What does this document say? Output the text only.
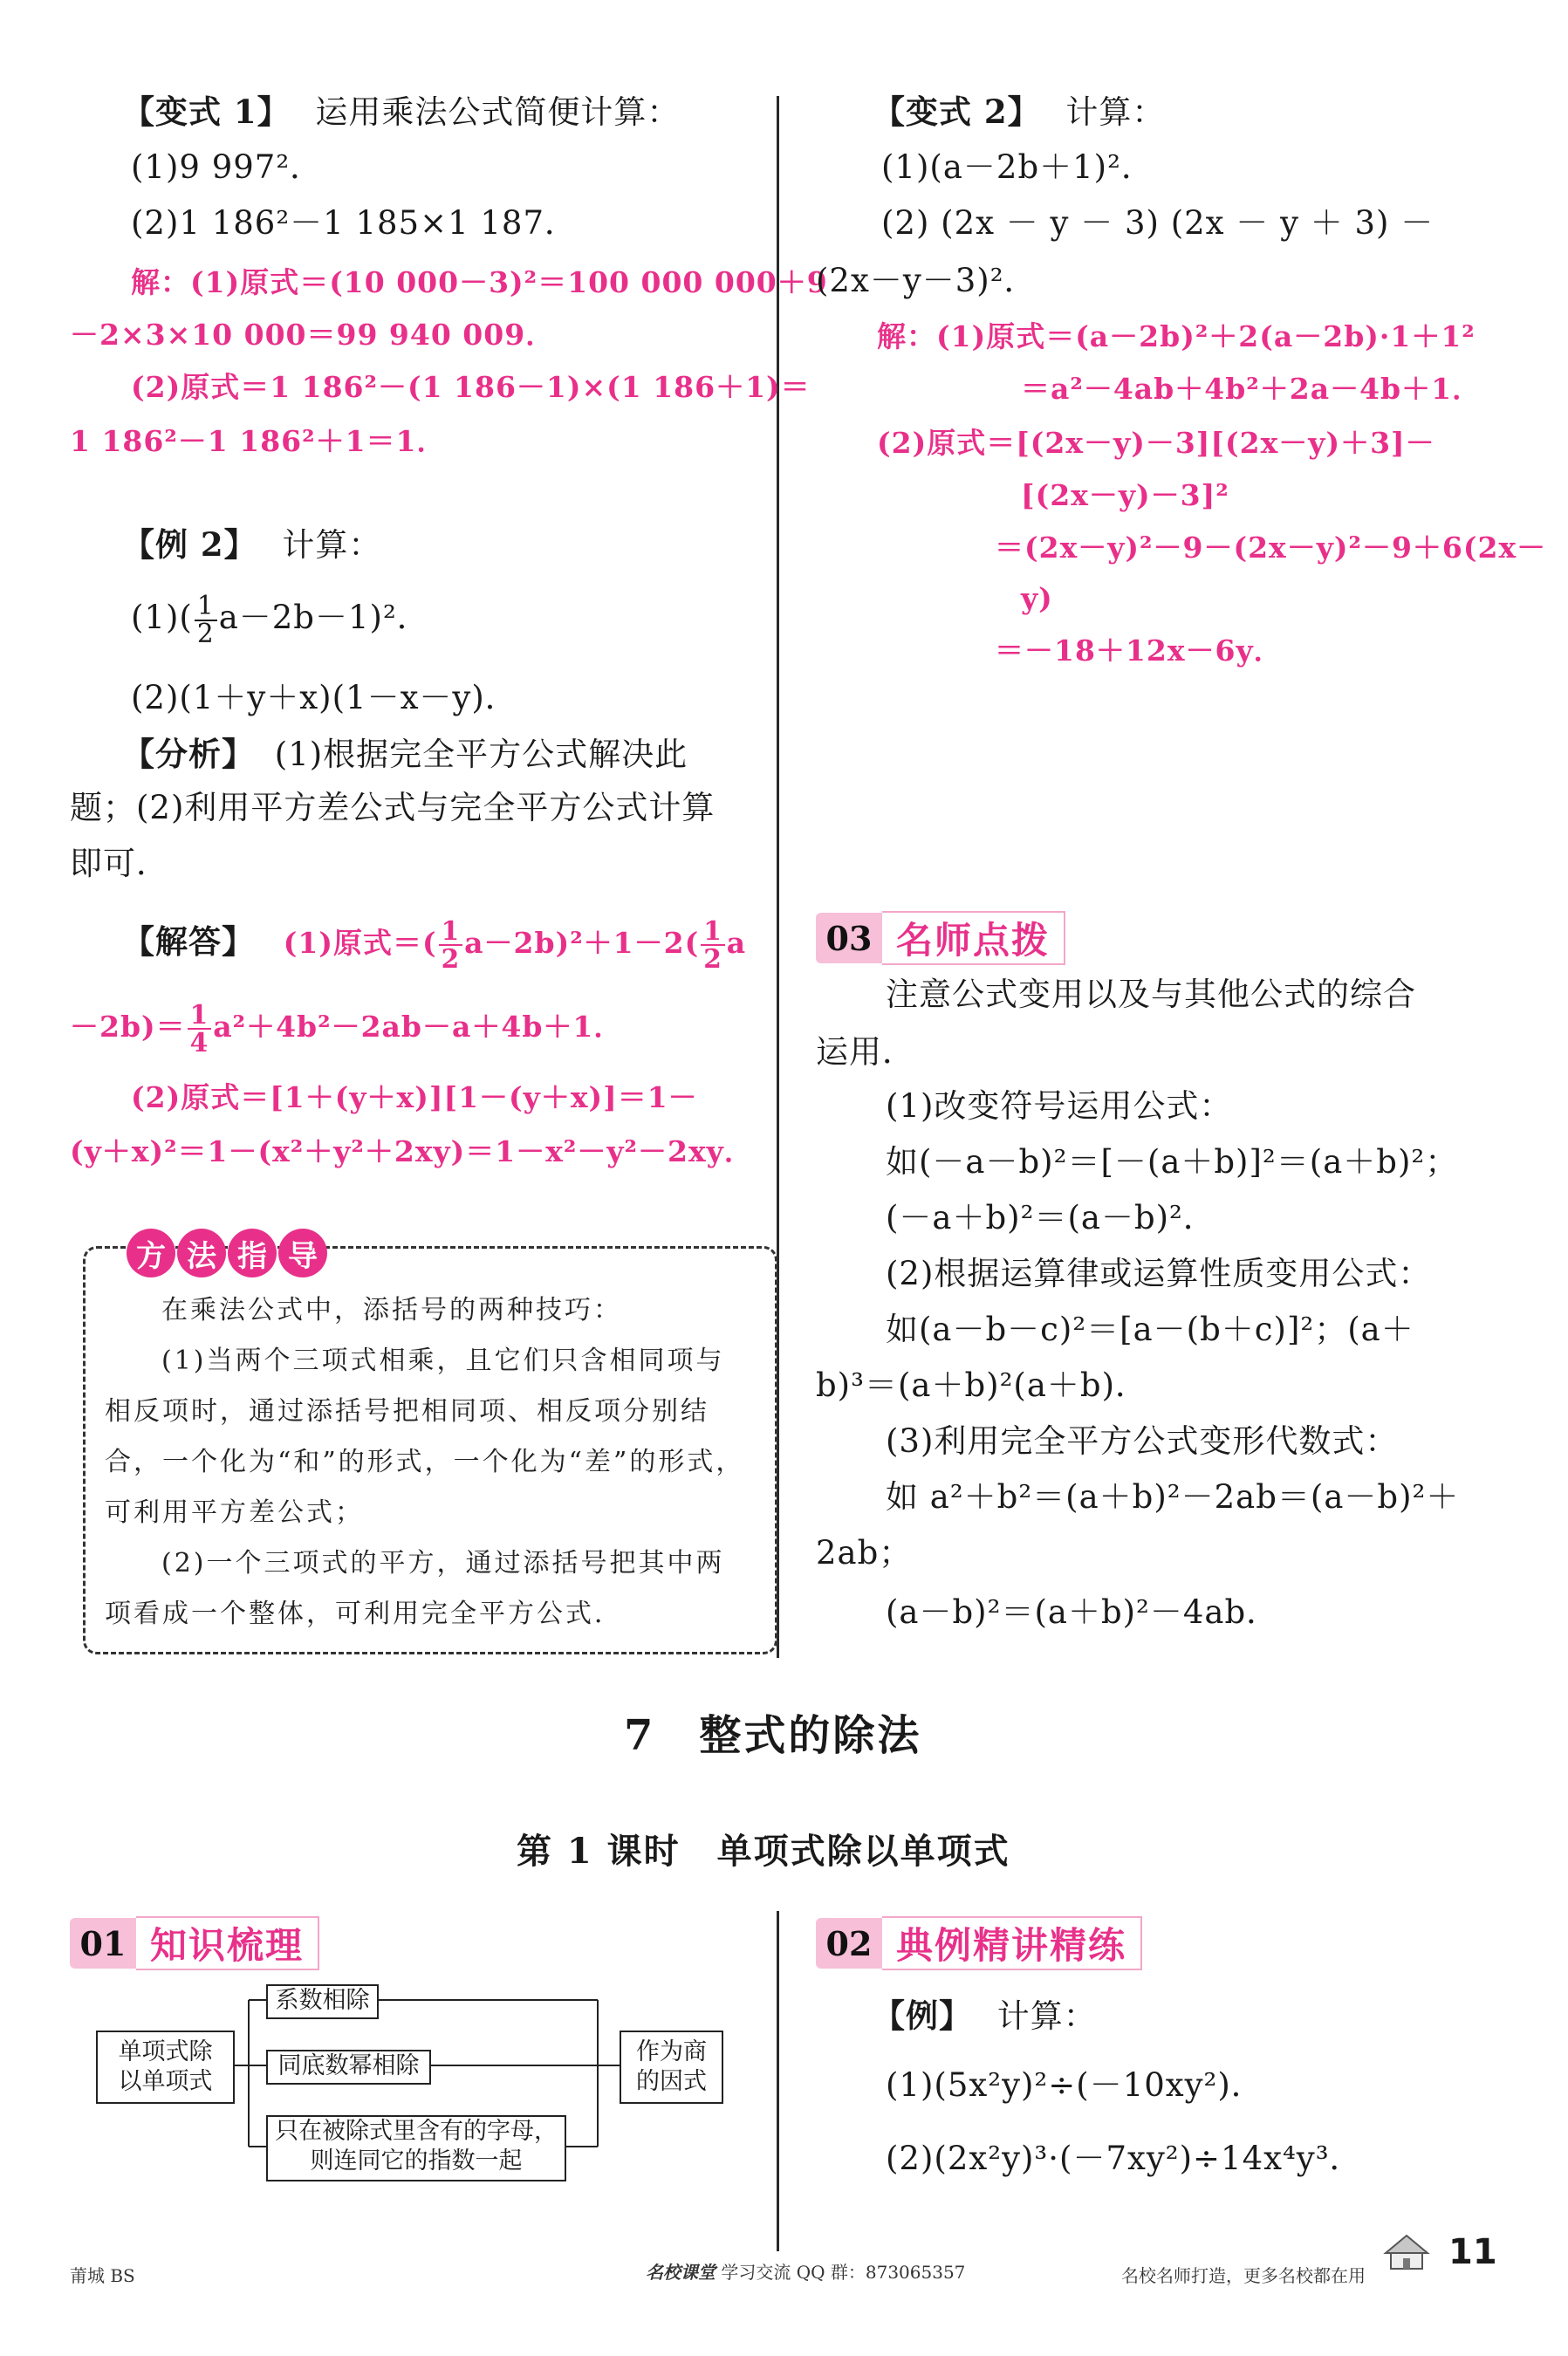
【变式 1】 运用乘法公式简便计算：
(1)9 997²．
(2)1 186²－1 185×1 187．
解：(1)原式＝(10 000－3)²＝100 000 000＋9
－2×3×10 000＝99 940 009．
(2)原式＝1 186²－(1 186－1)×(1 186＋1)＝
1 186²－1 186²＋1＝1．
【例 2】 计算：
$(1)( \frac{1}{2} a-2b-1)^2$．
(2)(1＋y＋x)(1－x－y)．
【分析】 (1)根据完全平方公式解决此
题；(2)利用平方差公式与完全平方公式计算
即可．
【解答】 (1)原式＝( $\frac{1}{2} a-2b)^2+1-2( \frac{1}{2}$ a
$-2b)= \frac{1}{4} a^2+4b^2-2ab-a+4b+1$．
(2)原式＝[1＋(y＋x)][1－(y＋x)]＝1－
(y＋x)²＝1－(x²＋y²＋2xy)＝1－x²－y²－2xy．
方 法 指 导
在乘法公式中，添括号的两种技巧：
(1)当两个三项式相乘，且它们只含相同项与
相反项时，通过添括号把相同项、相反项分别结
合，一个化为“和”的形式，一个化为“差”的形式，
可利用平方差公式；
(2)一个三项式的平方，通过添括号把其中两
项看成一个整体，可利用完全平方公式．
【变式 2】 计算：
(1)(a－2b＋1)²．
(2) (2x － y － 3) (2x － y ＋ 3) －
(2x－y－3)²．
解：(1)原式＝(a－2b)²＋2(a－2b)·1＋1²
＝a²－4ab＋4b²＋2a－4b＋1．
(2)原式＝[(2x－y)－3][(2x－y)＋3]－
[(2x－y)－3]²
＝(2x－y)²－9－(2x－y)²－9＋6(2x－
y)
＝－18＋12x－6y．
03 名师点拨
注意公式变用以及与其他公式的综合
运用．
(1)改变符号运用公式：
如(－a－b)²＝[－(a＋b)]²＝(a＋b)²；
(－a＋b)²＝(a－b)²．
(2)根据运算律或运算性质变用公式：
如(a－b－c)²＝[a－(b＋c)]²；(a＋
b)³＝(a＋b)²(a＋b)．
(3)利用完全平方公式变形代数式：
如 a²＋b²＝(a＋b)²－2ab＝(a－b)²＋
2ab；
(a－b)²＝(a＋b)²－4ab．
7 整式的除法
第 1 课时　单项式除以单项式
01 知识梳理
单项式除
以单项式
系数相除
同底数幂相除
只在被除式里含有的字母，
则连同它的指数一起
作为商
的因式
02 典例精讲精练
【例】 计算：
(1)(5x²y)²÷(－10xy²)．
(2)(2x²y)³·(－7xy²)÷14x⁴y³．
莆城 BS	名校课堂 学习交流 QQ 群：873065357	名校名师打造，更多名校都在用
11
